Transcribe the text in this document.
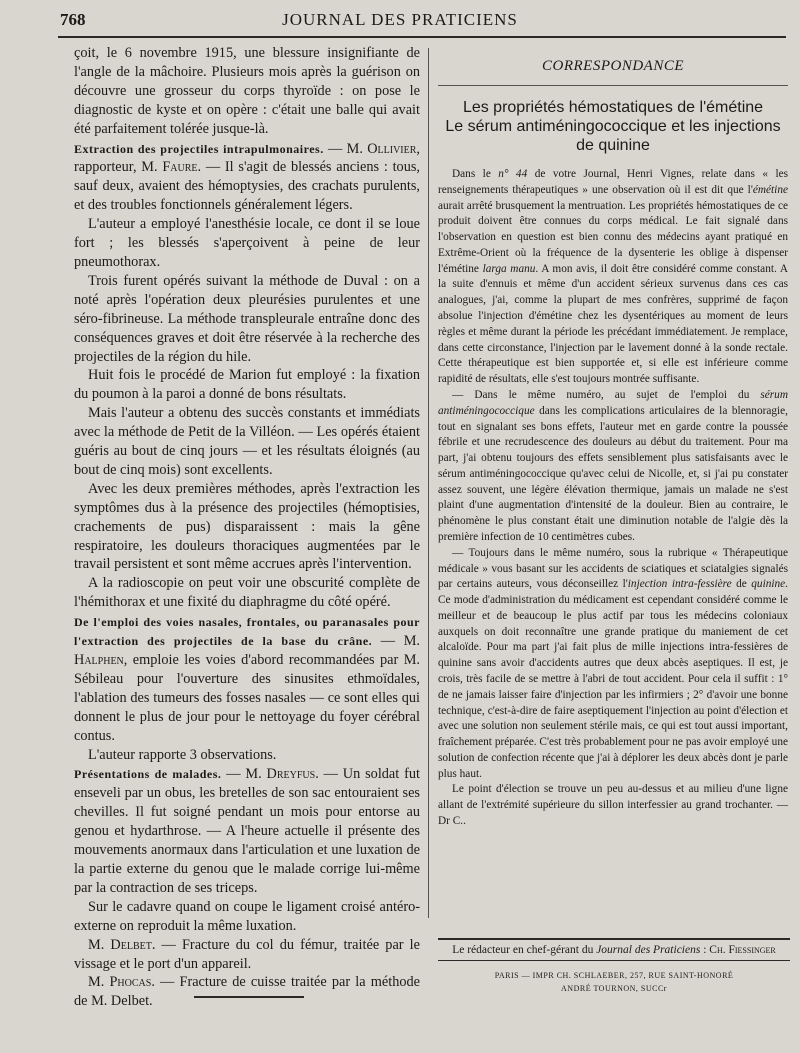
768	JOURNAL DES PRATICIENS

çoit, le 6 novembre 1915, une blessure insignifiante de l'angle de la mâchoire. Plusieurs mois après la guérison on découvre une grosseur du corps thyroïde : on pose le diagnostic de kyste et on opère : c'était une balle qui avait été parfaitement tolérée jusque-là.

Extraction des projectiles intrapulmonaires. — M. Ollivier, rapporteur, M. Faure. — Il s'agit de blessés anciens : tous, sauf deux, avaient des hémoptysies, des crachats purulents, et des troubles fonctionnels généralement légers.

L'auteur a employé l'anesthésie locale, ce dont il se loue fort ; les blessés s'aperçoivent à peine de leur pneumothorax.

Trois furent opérés suivant la méthode de Duval : on a noté après l'opération deux pleurésies purulentes et une séro-fibrineuse. La méthode transpleurale entraîne donc des conséquences graves et doit être réservée à la recherche des projectiles de la région du hile.

Huit fois le procédé de Marion fut employé : la fixation du poumon à la paroi a donné de bons résultats.

Mais l'auteur a obtenu des succès constants et immédiats avec la méthode de Petit de la Villéon. — Les opérés étaient guéris au bout de cinq jours — et les résultats éloignés (au bout de cinq mois) sont excellents.

Avec les deux premières méthodes, après l'extraction les symptômes dus à la présence des projectiles (hémoptisies, crachements de pus) disparaissent : mais la gêne respiratoire, les douleurs thoraciques augmentées par le travail persistent et sont même accrues après l'intervention.

A la radioscopie on peut voir une obscurité complète de l'hémithorax et une fixité du diaphragme du côté opéré.

De l'emploi des voies nasales, frontales, ou paranasales pour l'extraction des projectiles de la base du crâne. — M. Halphen, emploie les voies d'abord recommandées par M. Sébileau pour l'ouverture des sinusites ethmoïdales, l'ablation des tumeurs des fosses nasales — ce sont elles qui donnent le plus de jour pour le nettoyage du foyer cérébral contus.

L'auteur rapporte 3 observations.

Présentations de malades. — M. Dreyfus. — Un soldat fut enseveli par un obus, les bretelles de son sac entouraient ses chevilles. Il fut soigné pendant un mois pour entorse au genou et hydarthrose. — A l'heure actuelle il présente des mouvements anormaux dans l'articulation et une luxation de la partie externe du genou que le malade corrige lui-même par la contraction de ses triceps.

Sur le cadavre quand on coupe le ligament croisé antéro-externe on reproduit la même luxation.

M. Delbet. — Fracture du col du fémur, traitée par le vissage et le port d'un appareil.

M. Phocas. — Fracture de cuisse traitée par la méthode de M. Delbet.

CORRESPONDANCE
Les propriétés hémostatiques de l'émétine
Le sérum antiméningococcique et les injections de quinine

Dans le n° 44 de votre Journal, Henri Vignes, relate dans « les renseignements thérapeutiques » une observation où il est dit que l'émétine aurait arrêté brusquement la mentruation. Les propriétés hémostatiques de ce produit doivent être connues du corps médical. Le fait signalé dans l'observation en question est bien connu des médecins ayant pratiqué en Extrême-Orient où la fréquence de la dysenterie les oblige à dispenser l'émétine larga manu. A mon avis, il doit être considéré comme constant. A la suite d'ennuis et même d'un accident sérieux survenus dans ces cas analogues, j'ai, comme la plupart de mes confrères, supprimé de façon absolue l'injection d'émétine chez les dysentériques au moment de leurs règles et même durant la période les précédant immédiatement. Je remplace, dans cette circonstance, l'injection par le lavement donné à la sonde rectale. Cette thérapeutique est bien supportée et, si elle est inférieure comme rapidité de résultats, elle s'est toujours montrée suffisante.

— Dans le même numéro, au sujet de l'emploi du sérum antiméningococcique dans les complications articulaires de la blennoragie, tout en signalant ses bons effets, l'auteur met en garde contre la poussée fébrile et une recrudescence des douleurs au début du traitement. Pour ma part, j'ai obtenu toujours des effets sensiblement plus satisfaisants avec le sérum antiméningococcique qu'avec celui de Nicolle, et, si j'ai pu constater assez souvent, une légère élévation thermique, jamais un malade ne s'est plaint d'une augmentation d'intensité de la douleur. Bien au contraire, le phénomène le plus constant était une diminution notable de l'algie dès la première infection de 10 centimètres cubes.

— Toujours dans le même numéro, sous la rubrique « Thérapeutique médicale » vous basant sur les accidents de sciatiques et sciatalgies signalés par certains auteurs, vous déconseillez l'injection intra-fessière de quinine. Ce mode d'administration du médicament est cependant considéré comme le meilleur et de beaucoup le plus actif par tous les médecins coloniaux auxquels on doit reconnaître une grande pratique du maniement de cet alcaloïde. Pour ma part j'ai fait plus de mille injections intra-fessières de quinine sans avoir d'accidents autres que deux abcès aseptiques. Il est, je crois, très facile de se mettre à l'abri de tout accident. Pour cela il suffit : 1° de ne jamais laisser faire d'injection par les infirmiers ; 2° d'avoir une bonne technique, c'est-à-dire de faire aseptiquement l'injection au point d'élection et avec une solution non seulement stérile mais, ce qui est tout aussi important, fraîchement préparée. C'est très probablement pour ne pas avoir employé une solution de confection récente que j'ai à déplorer les deux abcès dont je parle plus haut.

Le point d'élection se trouve un peu au-dessus et au milieu d'une ligne allant de l'extrémité supérieure du sillon interfessier au grand trochanter. — Dr C..

Le rédacteur en chef-gérant du Journal des Praticiens : Ch. Fiessinger
PARIS — IMPR CH. SCHLAEBER, 257, RUE SAINT-HONORÉ
ANDRÉ TOURNON, SUCCr
